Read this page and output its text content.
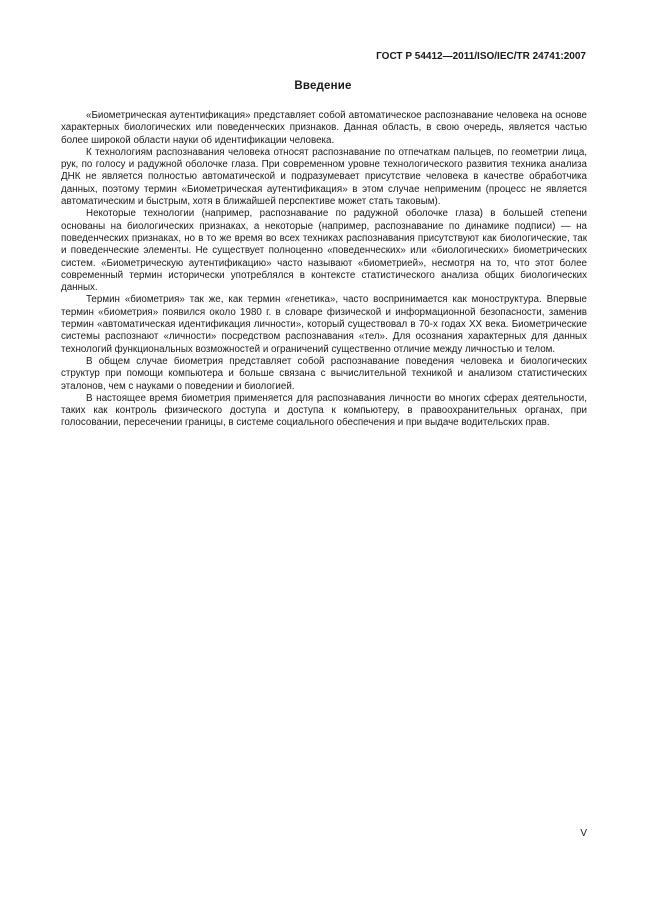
ГОСТ Р 54412—2011/ISO/IEC/TR 24741:2007
Введение

«Биометрическая аутентификация» представляет собой автоматическое распознавание человека на основе характерных биологических или поведенческих признаков. Данная область, в свою очередь, является частью более широкой области науки об идентификации человека.

К технологиям распознавания человека относят распознавание по отпечаткам пальцев, по геометрии лица, рук, по голосу и радужной оболочке глаза. При современном уровне технологического развития техника анализа ДНК не является полностью автоматической и подразумевает присутствие человека в качестве обработчика данных, поэтому термин «Биометрическая аутентификация» в этом случае неприменим (процесс не является автоматическим и быстрым, хотя в ближайшей перспективе может стать таковым).

Некоторые технологии (например, распознавание по радужной оболочке глаза) в большей степени основаны на биологических признаках, а некоторые (например, распознавание по динамике подписи) — на поведенческих признаках, но в то же время во всех техниках распознавания присутствуют как биологические, так и поведенческие элементы. Не существует полноценно «поведенческих» или «биологических» биометрических систем. «Биометрическую аутентификацию» часто называют «биометрией», несмотря на то, что этот более современный термин исторически употреблялся в контексте статистического анализа общих биологических данных.

Термин «биометрия» так же, как термин «генетика», часто воспринимается как моноструктура. Впервые термин «биометрия» появился около 1980 г. в словаре физической и информационной безопасности, заменив термин «автоматическая идентификация личности», который существовал в 70-х годах XX века. Биометрические системы распознают «личности» посредством распознавания «тел». Для осознания характерных для данных технологий функциональных возможностей и ограничений существенно отличие между личностью и телом.

В общем случае биометрия представляет собой распознавание поведения человека и биологических структур при помощи компьютера и больше связана с вычислительной техникой и анализом статистических эталонов, чем с науками о поведении и биологией.

В настоящее время биометрия применяется для распознавания личности во многих сферах деятельности, таких как контроль физического доступа и доступа к компьютеру, в правоохранительных органах, при голосовании, пересечении границы, в системе социального обеспечения и при выдаче водительских прав.

V
